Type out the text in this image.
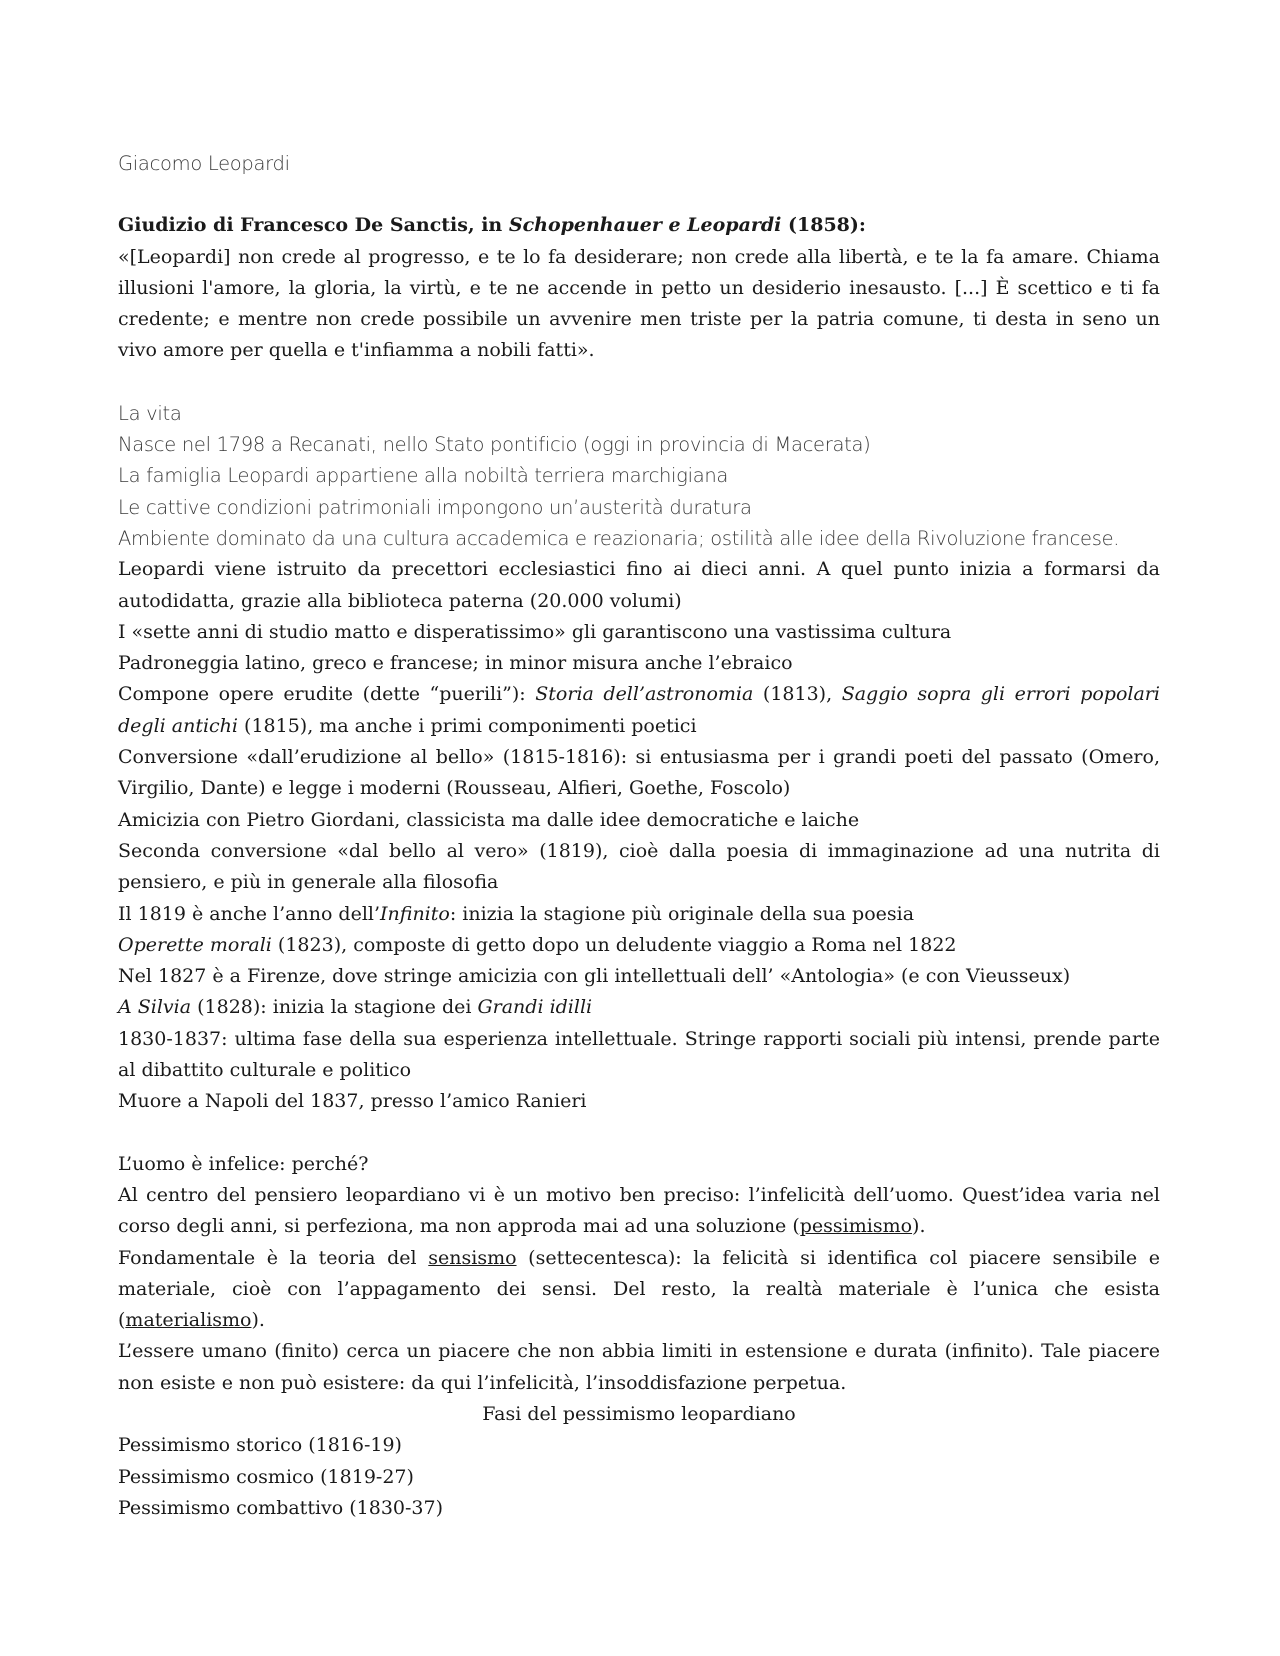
Giacomo Leopardi

Giudizio di Francesco De Sanctis, in Schopenhauer e Leopardi (1858):

«[Leopardi] non crede al progresso, e te lo fa desiderare; non crede alla libertà, e te la fa amare. Chiama illusioni l'amore, la gloria, la virtù, e te ne accende in petto un desiderio inesausto. [...] È scettico e ti fa credente; e mentre non crede possibile un avvenire men triste per la patria comune, ti desta in seno un vivo amore per quella e t'infiamma a nobili fatti».

La vita

Nasce nel 1798 a Recanati, nello Stato pontificio (oggi in provincia di Macerata)

La famiglia Leopardi appartiene alla nobiltà terriera marchigiana

Le cattive condizioni patrimoniali impongono un’austerità duratura

Ambiente dominato da una cultura accademica e reazionaria; ostilità alle idee della Rivoluzione francese.

Leopardi viene istruito da precettori ecclesiastici fino ai dieci anni. A quel punto inizia a formarsi da autodidatta, grazie alla biblioteca paterna (20.000 volumi)

I «sette anni di studio matto e disperatissimo» gli garantiscono una vastissima cultura

Padroneggia latino, greco e francese; in minor misura anche l’ebraico

Compone opere erudite (dette “puerili”): Storia dell’astronomia (1813), Saggio sopra gli errori popolari degli antichi (1815), ma anche i primi componimenti poetici

Conversione «dall’erudizione al bello» (1815-1816): si entusiasma per i grandi poeti del passato (Omero, Virgilio, Dante) e legge i moderni (Rousseau, Alfieri, Goethe, Foscolo)

Amicizia con Pietro Giordani, classicista ma dalle idee democratiche e laiche

Seconda conversione «dal bello al vero» (1819), cioè dalla poesia di immaginazione ad una nutrita di pensiero, e più in generale alla filosofia

Il 1819 è anche l’anno dell’Infinito: inizia la stagione più originale della sua poesia

Operette morali (1823), composte di getto dopo un deludente viaggio a Roma nel 1822

Nel 1827 è a Firenze, dove stringe amicizia con gli intellettuali dell’ «Antologia» (e con Vieusseux)

A Silvia (1828): inizia la stagione dei Grandi idilli

1830-1837: ultima fase della sua esperienza intellettuale. Stringe rapporti sociali più intensi, prende parte al dibattito culturale e politico

Muore a Napoli del 1837, presso l’amico Ranieri

L’uomo è infelice: perché?

Al centro del pensiero leopardiano vi è un motivo ben preciso: l’infelicità dell’uomo. Quest’idea varia nel corso degli anni, si perfeziona, ma non approda mai ad una soluzione (pessimismo).

Fondamentale è la teoria del sensismo (settecentesca): la felicità si identifica col piacere sensibile e materiale, cioè con l’appagamento dei sensi. Del resto, la realtà materiale è l’unica che esista (materialismo).

L’essere umano (finito) cerca un piacere che non abbia limiti in estensione e durata (infinito). Tale piacere non esiste e non può esistere: da qui l’infelicità, l’insoddisfazione perpetua.

Fasi del pessimismo leopardiano

Pessimismo storico (1816-19)

Pessimismo cosmico (1819-27)

Pessimismo combattivo (1830-37)
